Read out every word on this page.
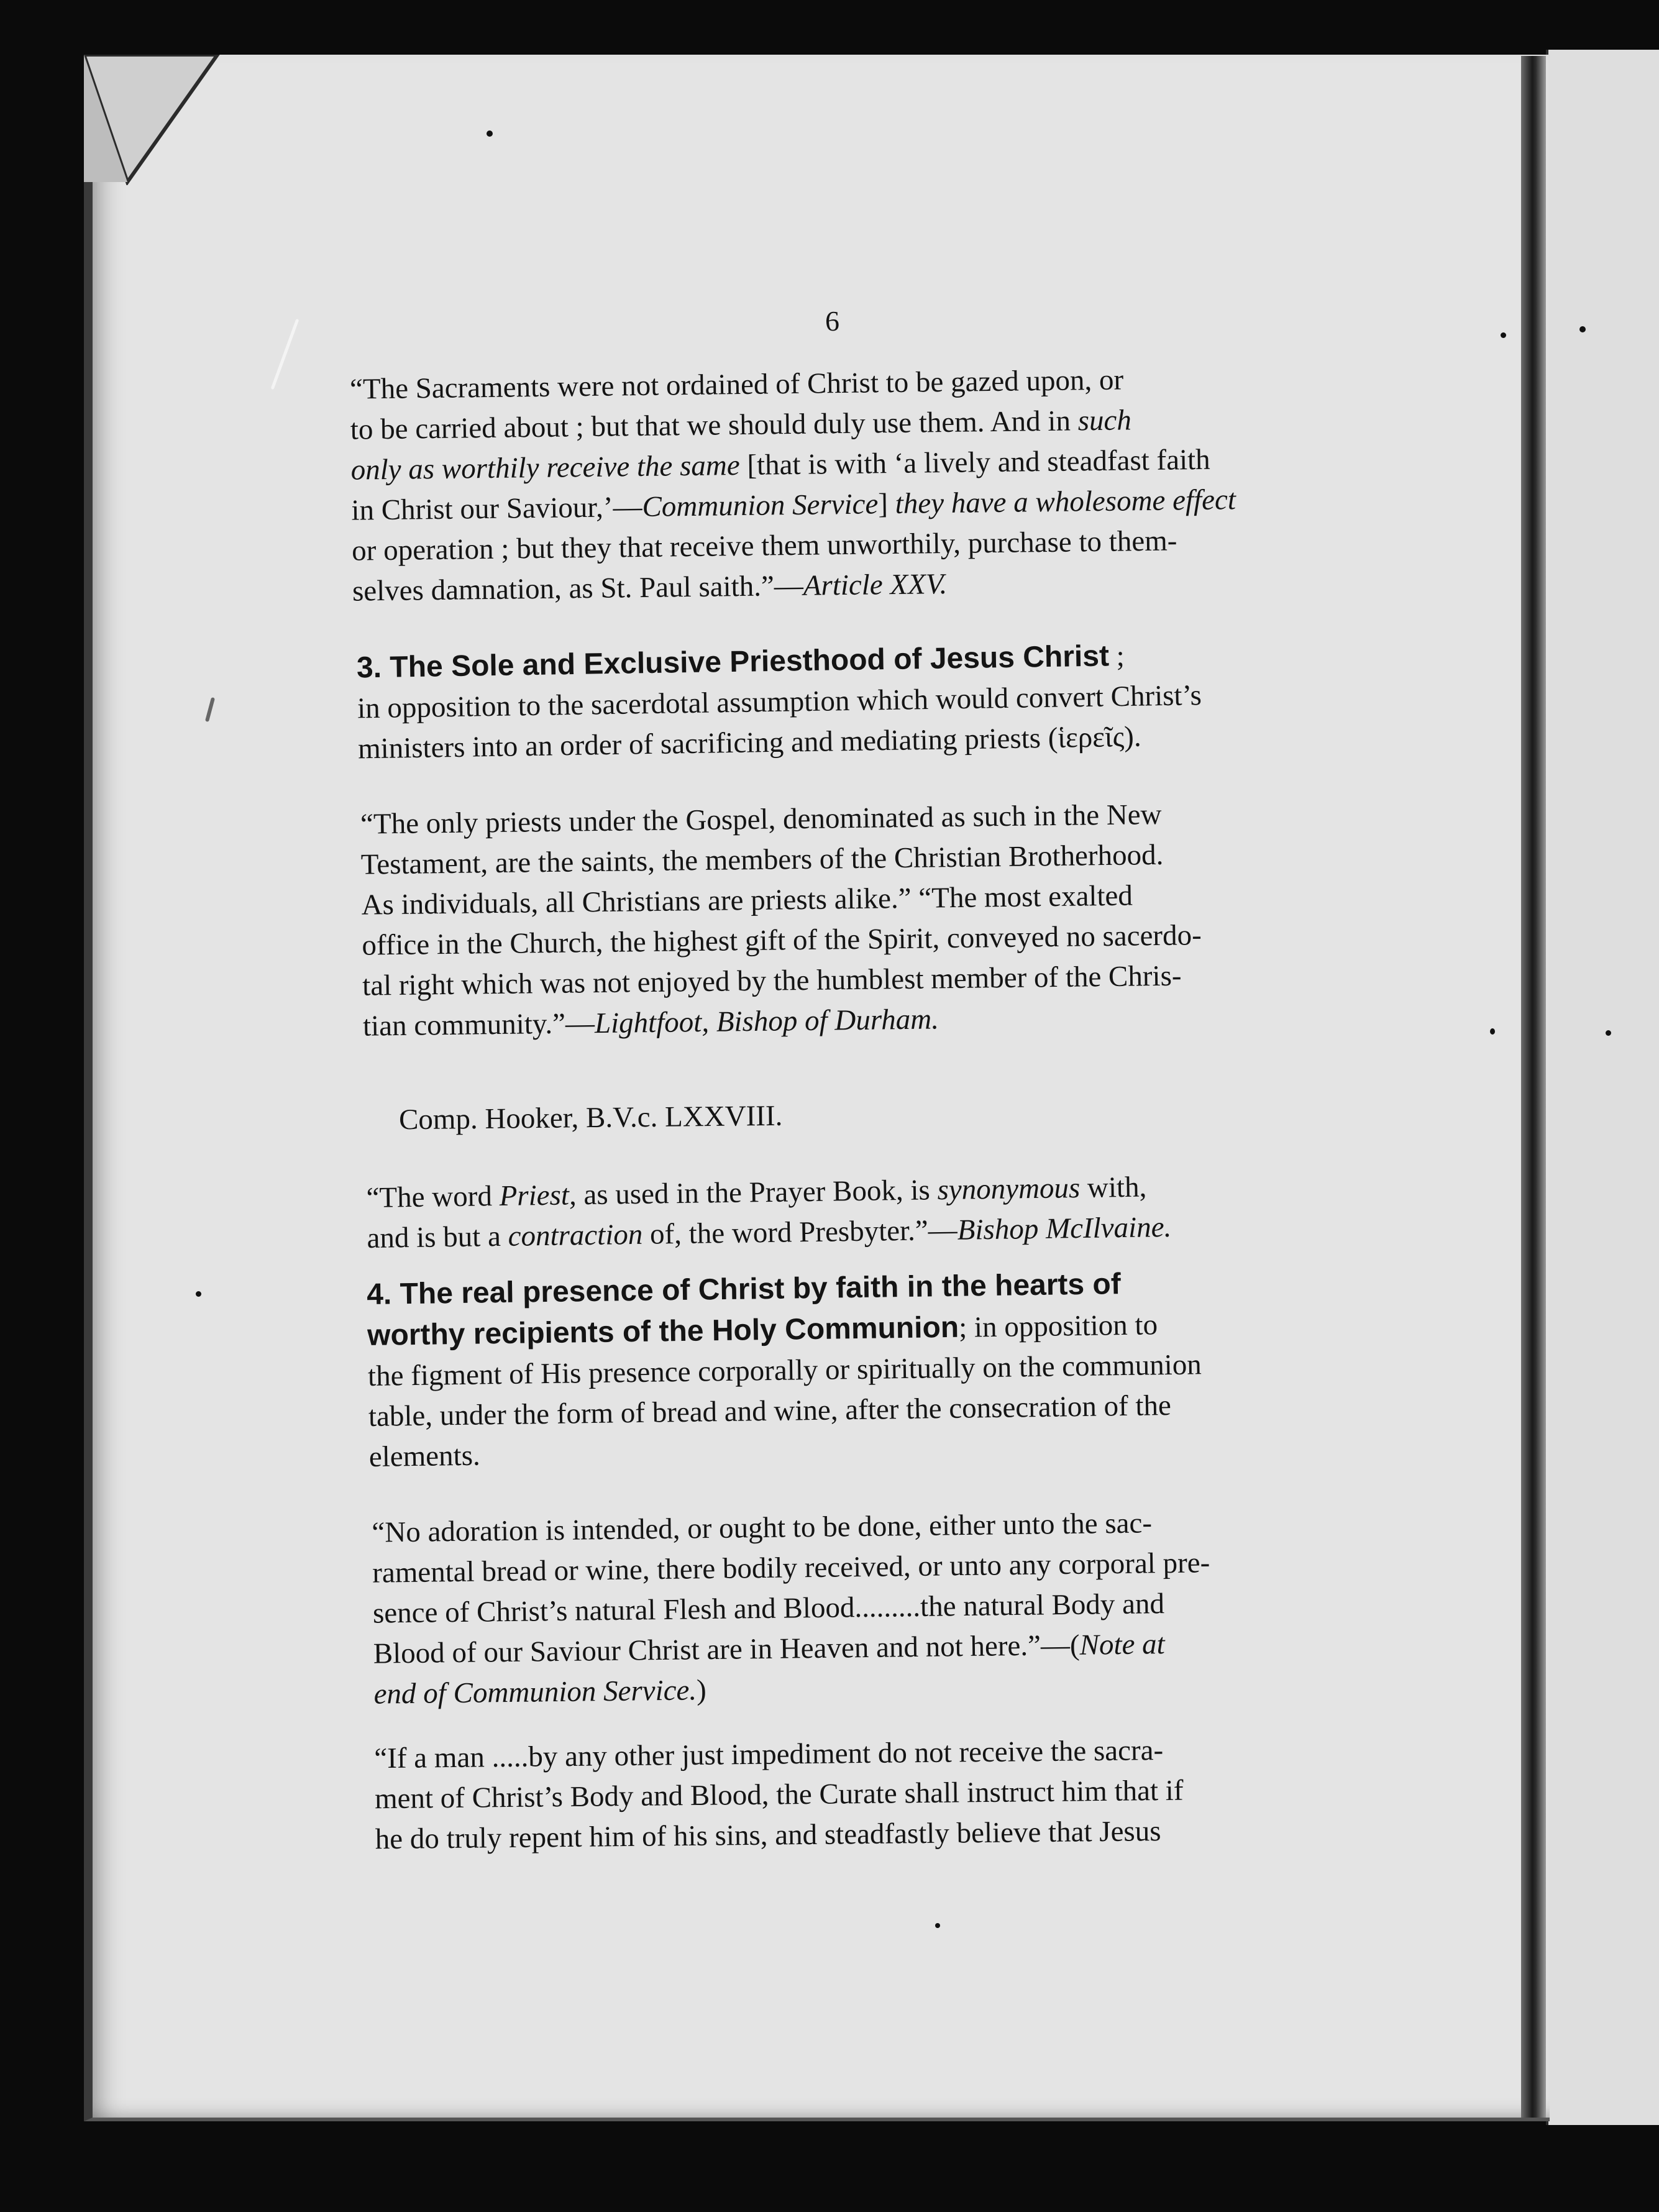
6
“The Sacraments were not ordained of Christ to be gazed upon, or
to be carried about ; but that we should duly use them. And in such
only as worthily receive the same [that is with ‘a lively and steadfast faith
in Christ our Saviour,’—Communion Service] they have a wholesome effect
or operation ; but they that receive them unworthily, purchase to them-
selves damnation, as St. Paul saith.”—Article XXV.
3. The Sole and Exclusive Priesthood of Jesus Christ ;
in opposition to the sacerdotal assumption which would convert Christ’s
ministers into an order of sacrificing and mediating priests (ἱερεῖς).
“The only priests under the Gospel, denominated as such in the New
Testament, are the saints, the members of the Christian Brotherhood.
As individuals, all Christians are priests alike.” “The most exalted
office in the Church, the highest gift of the Spirit, conveyed no sacerdo-
tal right which was not enjoyed by the humblest member of the Chris-
tian community.”—Lightfoot, Bishop of Durham.
Comp. Hooker, B.V.c. LXXVIII.
“The word Priest, as used in the Prayer Book, is synonymous with,
and is but a contraction of, the word Presbyter.”—Bishop McIlvaine.
4. The real presence of Christ by faith in the hearts of
worthy recipients of the Holy Communion; in opposition to
the figment of His presence corporally or spiritually on the communion
table, under the form of bread and wine, after the consecration of the
elements.
“No adoration is intended, or ought to be done, either unto the sac-
ramental bread or wine, there bodily received, or unto any corporal pre-
sence of Christ’s natural Flesh and Blood.........the natural Body and
Blood of our Saviour Christ are in Heaven and not here.”—(Note at
end of Communion Service.)
“If a man .....by any other just impediment do not receive the sacra-
ment of Christ’s Body and Blood, the Curate shall instruct him that if
he do truly repent him of his sins, and steadfastly believe that Jesus
